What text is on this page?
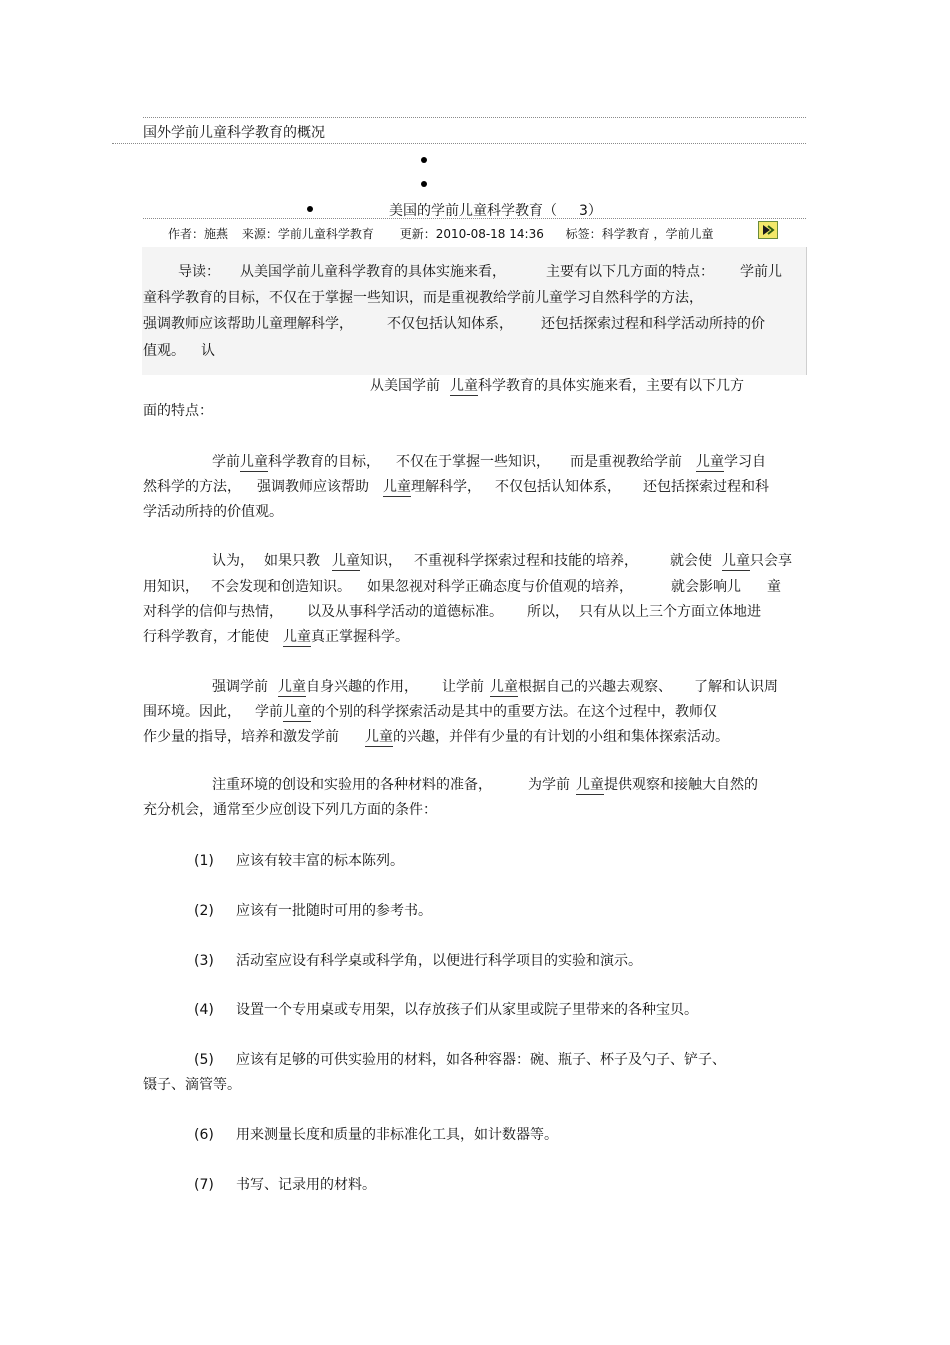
国外学前儿童科学教育的概况
美国的学前儿童科学教育（ 3）
作者：施燕 来源：学前儿童科学教育 更新：2010-08-18 14:36 标签：科学教育 ，学前儿童
导读： 从美国学前儿童科学教育的具体实施来看，	主要有以下几方面的特点： 学前儿
童科学教育的目标，不仅在于掌握一些知识，而是重视教给学前儿童学习自然科学的方法，
强调教师应该帮助儿童理解科学， 不仅包括认知体系， 还包括探索过程和科学活动所持的价
值观。 认
从美国学前 儿童科学教育的具体实施来看，主要有以下几方
面的特点：
学前儿童科学教育的目标， 不仅在于掌握一些知识， 而是重视教给学前 儿童学习自
然科学的方法， 强调教师应该帮助 儿童理解科学， 不仅包括认知体系， 还包括探索过程和科
学活动所持的价值观。
认为， 如果只教 儿童知识， 不重视科学探索过程和技能的培养， 就会使 儿童只会享
用知识， 不会发现和创造知识。 如果忽视对科学正确态度与价值观的培养，	就会影响儿 童
对科学的信仰与热情， 以及从事科学活动的道德标准。 所以， 只有从以上三个方面立体地进
行科学教育，才能使 儿童真正掌握科学。
强调学前 儿童自身兴趣的作用， 让学前 儿童根据自己的兴趣去观察、 了解和认识周
围环境。因此， 学前儿童的个别的科学探索活动是其中的重要方法。在这个过程中，教师仅
作少量的指导，培养和激发学前 儿童的兴趣，并伴有少量的有计划的小组和集体探索活动。
注重环境的创设和实验用的各种材料的准备，	为学前 儿童提供观察和接触大自然的
充分机会，通常至少应创设下列几方面的条件：
(1) 应该有较丰富的标本陈列。
(2) 应该有一批随时可用的参考书。
(3) 活动室应设有科学桌或科学角，以便进行科学项目的实验和演示。
(4) 设置一个专用桌或专用架，以存放孩子们从家里或院子里带来的各种宝贝。
(5) 应该有足够的可供实验用的材料，如各种容器：碗、瓶子、杯子及勺子、铲子、
镊子、滴管等。
(6) 用来测量长度和质量的非标准化工具，如计数器等。
(7) 书写、记录用的材料。
